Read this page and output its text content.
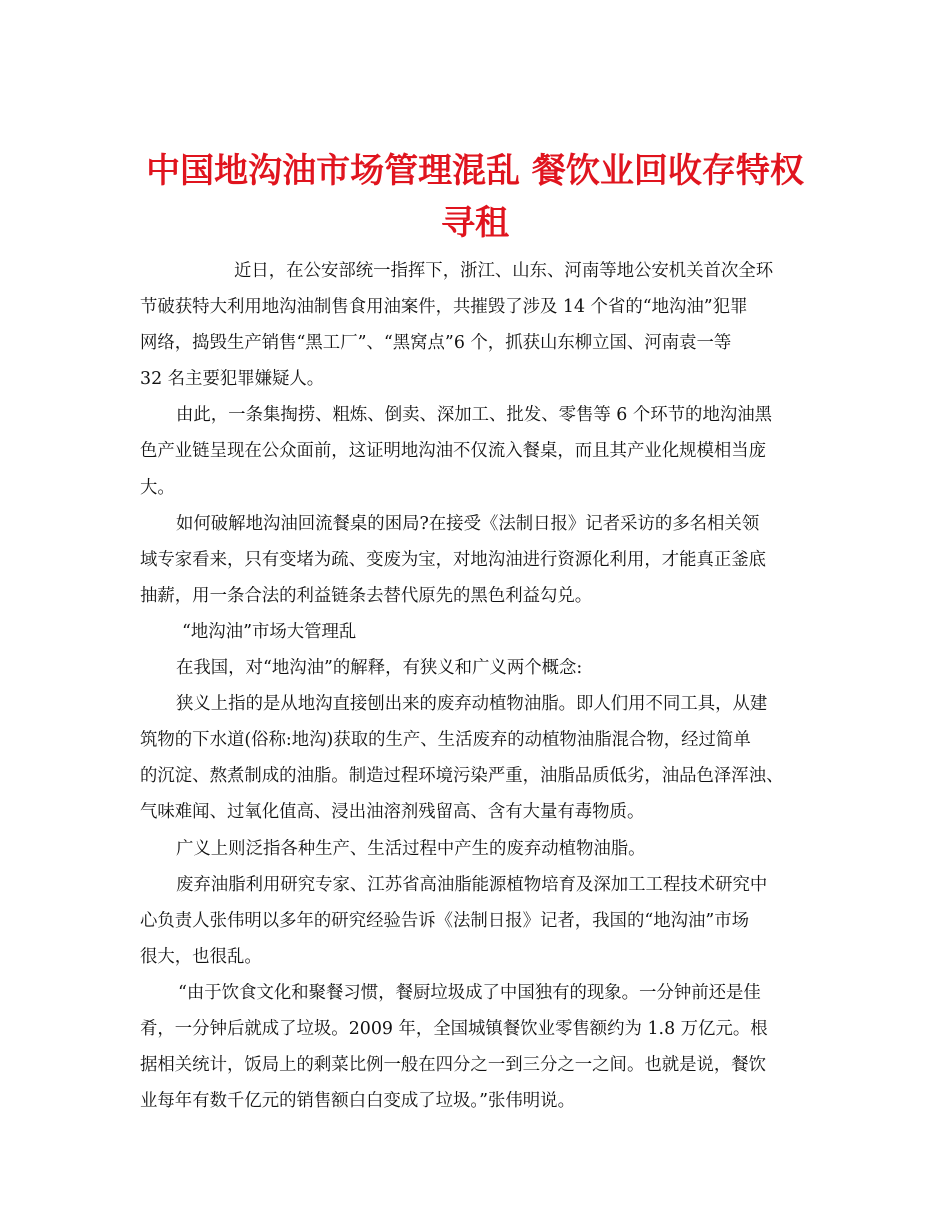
中国地沟油市场管理混乱 餐饮业回收存特权
寻租

近日，在公安部统一指挥下，浙江、山东、河南等地公安机关首次全环
节破获特大利用地沟油制售食用油案件，共摧毁了涉及 14 个省的“地沟油”犯罪
网络，捣毁生产销售“黑工厂”、“黑窝点”6 个，抓获山东柳立国、河南袁一等
32 名主要犯罪嫌疑人。

由此，一条集掏捞、粗炼、倒卖、深加工、批发、零售等 6 个环节的地沟油黑
色产业链呈现在公众面前，这证明地沟油不仅流入餐桌，而且其产业化规模相当庞
大。

如何破解地沟油回流餐桌的困局?在接受《法制日报》记者采访的多名相关领
域专家看来，只有变堵为疏、变废为宝，对地沟油进行资源化利用，才能真正釜底
抽薪，用一条合法的利益链条去替代原先的黑色利益勾兑。

“地沟油”市场大管理乱

在我国，对“地沟油”的解释，有狭义和广义两个概念:

狭义上指的是从地沟直接刨出来的废弃动植物油脂。即人们用不同工具，从建
筑物的下水道(俗称:地沟)获取的生产、生活废弃的动植物油脂混合物，经过简单
的沉淀、熬煮制成的油脂。制造过程环境污染严重，油脂品质低劣，油品色泽浑浊、
气味难闻、过氧化值高、浸出油溶剂残留高、含有大量有毒物质。

广义上则泛指各种生产、生活过程中产生的废弃动植物油脂。

废弃油脂利用研究专家、江苏省高油脂能源植物培育及深加工工程技术研究中
心负责人张伟明以多年的研究经验告诉《法制日报》记者，我国的“地沟油”市场
很大，也很乱。

“由于饮食文化和聚餐习惯，餐厨垃圾成了中国独有的现象。一分钟前还是佳
肴，一分钟后就成了垃圾。2009 年，全国城镇餐饮业零售额约为 1.8 万亿元。根
据相关统计，饭局上的剩菜比例一般在四分之一到三分之一之间。也就是说，餐饮
业每年有数千亿元的销售额白白变成了垃圾。”张伟明说。
